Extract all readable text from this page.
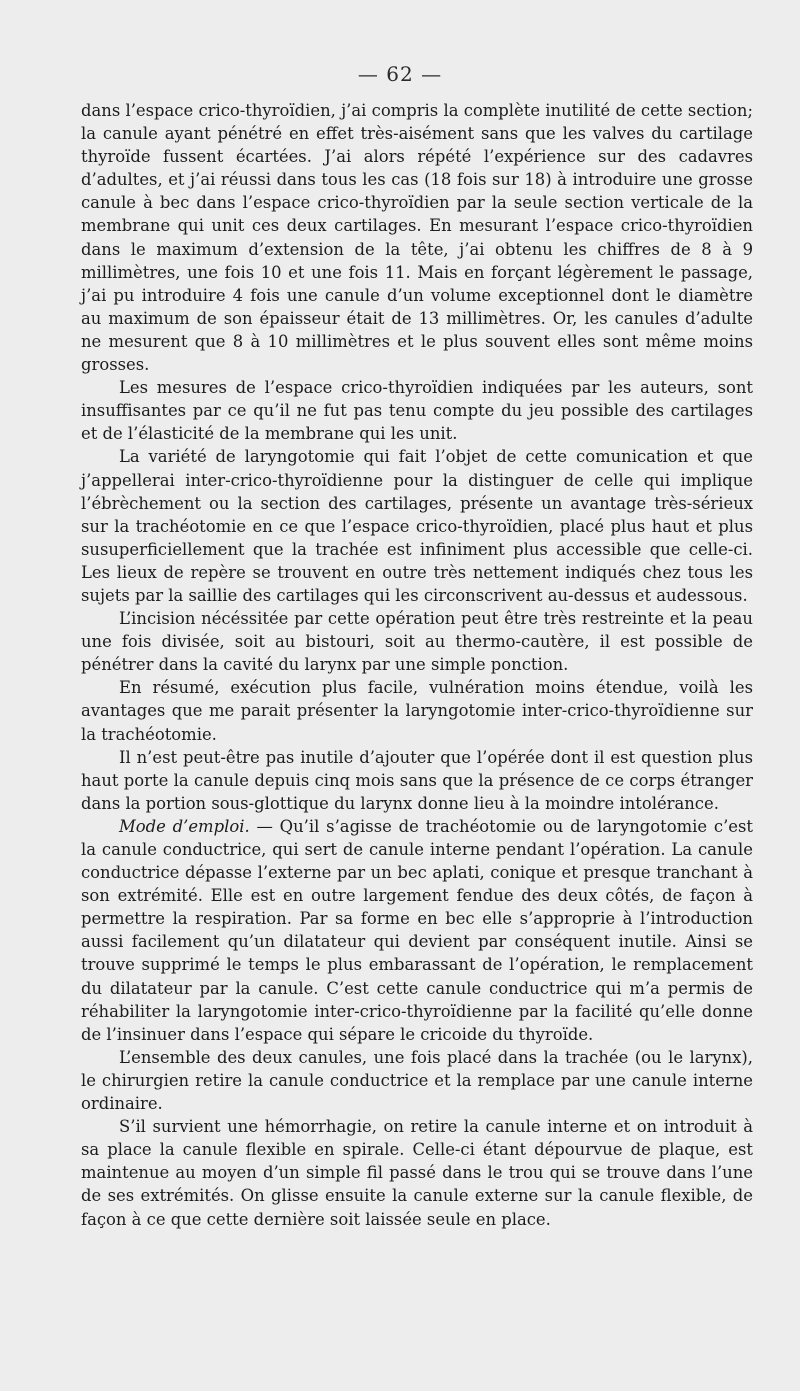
— 62 —

dans l’espace crico-thyroïdien, j’ai compris la complète inutilité de cette section; la canule ayant pénétré en effet très-aisément sans que les valves du cartilage thyroïde fussent écartées. J’ai alors répété l’expérience sur des cadavres d’adultes, et j’ai réussi dans tous les cas (18 fois sur 18) à introduire une grosse canule à bec dans l’espace crico-thyroïdien par la seule section verticale de la membrane qui unit ces deux cartilages. En mesurant l’espace crico-thyroïdien dans le maximum d’extension de la tête, j’ai obtenu les chiffres de 8 à 9 millimètres, une fois 10 et une fois 11. Mais en forçant légèrement le passage, j’ai pu introduire 4 fois une canule d’un volume exceptionnel dont le diamètre au maximum de son épaisseur était de 13 millimètres. Or, les canules d’adulte ne mesurent que 8 à 10 millimètres et le plus souvent elles sont même moins grosses.

Les mesures de l’espace crico-thyroïdien indiquées par les auteurs, sont insuffisantes par ce qu’il ne fut pas tenu compte du jeu possible des cartilages et de l’élasticité de la membrane qui les unit.

La variété de laryngotomie qui fait l’objet de cette comunication et que j’appellerai inter-crico-thyroïdienne pour la distinguer de celle qui implique l’ébrèchement ou la section des cartilages, présente un avantage très-sérieux sur la trachéotomie en ce que l’espace crico-thyroïdien, placé plus haut et plus susuperficiellement que la trachée est infiniment plus accessible que celle-ci. Les lieux de repère se trouvent en outre très nettement indiqués chez tous les sujets par la saillie des cartilages qui les circonscrivent au-dessus et audessous.

L’incision nécéssitée par cette opération peut être très restreinte et la peau une fois divisée, soit au bistouri, soit au thermo-cautère, il est possible de pénétrer dans la cavité du larynx par une simple ponction.

En résumé, exécution plus facile, vulnération moins étendue, voilà les avantages que me parait présenter la laryngotomie inter-crico-thyroïdienne sur la trachéotomie.

Il n’est peut-être pas inutile d’ajouter que l’opérée dont il est question plus haut porte la canule depuis cinq mois sans que la présence de ce corps étranger dans la portion sous-glottique du larynx donne lieu à la moindre intolérance.

Mode d’emploi. — Qu’il s’agisse de trachéotomie ou de laryngotomie c’est la canule conductrice, qui sert de canule interne pendant l’opération. La canule conductrice dépasse l’externe par un bec aplati, conique et presque tranchant à son extrémité. Elle est en outre largement fendue des deux côtés, de façon à permettre la respiration. Par sa forme en bec elle s’approprie à l’introduction aussi facilement qu’un dilatateur qui devient par conséquent inutile. Ainsi se trouve supprimé le temps le plus embarassant de l’opération, le remplacement du dilatateur par la canule. C’est cette canule conductrice qui m’a permis de réhabiliter la laryngotomie inter-crico-thyroïdienne par la facilité qu’elle donne de l’insinuer dans l’espace qui sépare le cricoide du thyroïde.

L’ensemble des deux canules, une fois placé dans la trachée (ou le larynx), le chirurgien retire la canule conductrice et la remplace par une canule interne ordinaire.

S’il survient une hémorrhagie, on retire la canule interne et on introduit à sa place la canule flexible en spirale. Celle-ci étant dépourvue de plaque, est maintenue au moyen d’un simple fil passé dans le trou qui se trouve dans l’une de ses extrémités. On glisse ensuite la canule externe sur la canule flexible, de façon à ce que cette dernière soit laissée seule en place.
